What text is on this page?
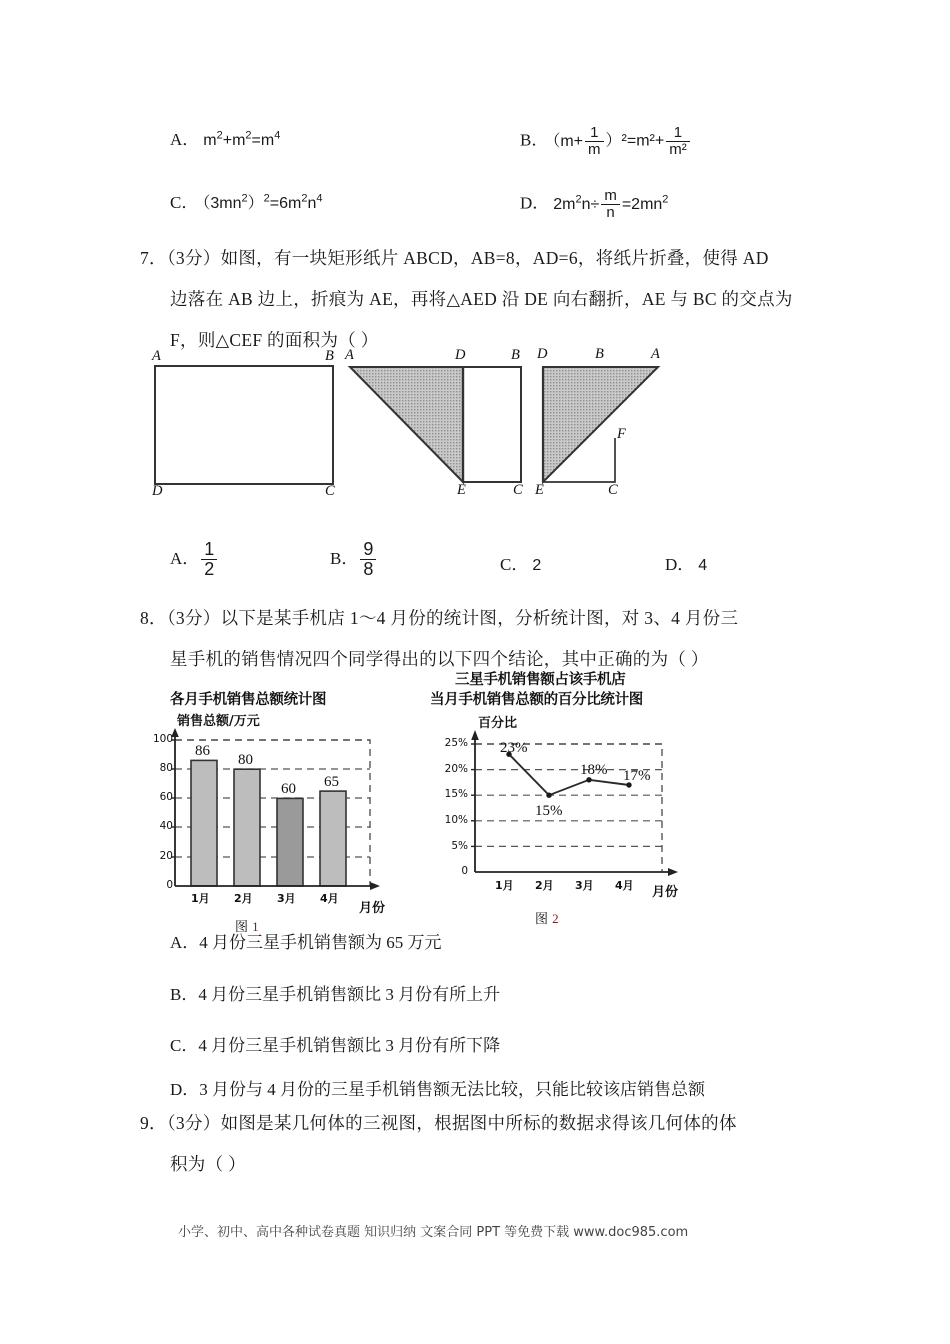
A． $m^2+m^2=m^4$	B． $(m+ \frac{1}{m} )^2=m^2+ \frac{1}{\text{m²}}$
C． $(3mn^2)^2=6m^2n^4$	D． $2m^2n\div \frac{m}{n} =2mn^2$
7．（3分）如图，有一块矩形纸片 ABCD，AB=8，AD=6，将纸片折叠，使得 AD
边落在 AB 边上，折痕为 AE，再将△AED 沿 DE 向右翻折，AE 与 BC 的交点为
F，则△CEF 的面积为（ ）
A	B
D	C
A	D	B
E	C
D	B	A
F
E	C
A． $\frac{1}{2}$	B． $\frac{9}{8}$	C． 2	D． 4
8．（3分）以下是某手机店 1～4 月份的统计图，分析统计图，对 3、4 月份三
星手机的销售情况四个同学得出的以下四个结论，其中正确的为（ ）
各月手机销售总额统计图
销售总额/万元
100
80
60
40
20
0
86
80
60 65
1月 2月 3月 4月
月份
图 1
三星手机销售额占该手机店
当月手机销售总额的百分比统计图
百分比
25%
20%
15%
10%
5%
0
23%
15%
18% 17%
1月 2月 3月 4月 月份
图 2
A．4 月份三星手机销售额为 65 万元
B．4 月份三星手机销售额比 3 月份有所上升
C．4 月份三星手机销售额比 3 月份有所下降
D．3 月份与 4 月份的三星手机销售额无法比较，只能比较该店销售总额
9．（3分）如图是某几何体的三视图，根据图中所标的数据求得该几何体的体
积为（ ）
小学、初中、高中各种试卷真题 知识归纳 文案合同 PPT 等免费下载 www.doc985.com
